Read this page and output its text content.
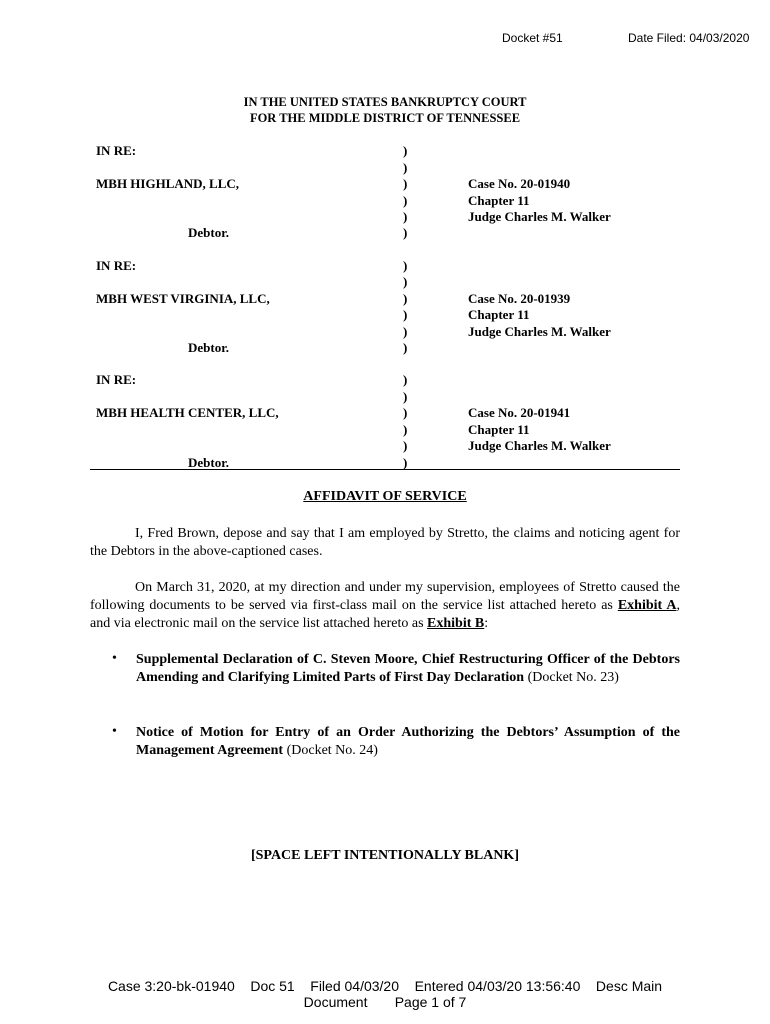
Docket #51	Date Filed: 04/03/2020
IN THE UNITED STATES BANKRUPTCY COURT
FOR THE MIDDLE DISTRICT OF TENNESSEE
IN RE:
MBH HIGHLAND, LLC,
Debtor.
Case No. 20-01940
Chapter 11
Judge Charles M. Walker
)
)
)
)
)
)
IN RE:
MBH WEST VIRGINIA, LLC,
Debtor.
Case No. 20-01939
Chapter 11
Judge Charles M. Walker
)
)
)
)
)
)
IN RE:
MBH HEALTH CENTER, LLC,
Debtor.
Case No. 20-01941
Chapter 11
Judge Charles M. Walker
)
)
)
)
)
)
AFFIDAVIT OF SERVICE
I, Fred Brown, depose and say that I am employed by Stretto, the claims and noticing agent for the Debtors in the above-captioned cases.
On March 31, 2020, at my direction and under my supervision, employees of Stretto caused the following documents to be served via first-class mail on the service list attached hereto as Exhibit A, and via electronic mail on the service list attached hereto as Exhibit B:
• Supplemental Declaration of C. Steven Moore, Chief Restructuring Officer of the Debtors Amending and Clarifying Limited Parts of First Day Declaration (Docket No. 23)
• Notice of Motion for Entry of an Order Authorizing the Debtors’ Assumption of the Management Agreement (Docket No. 24)
[SPACE LEFT INTENTIONALLY BLANK]
Case 3:20-bk-01940    Doc 51    Filed 04/03/20    Entered 04/03/20 13:56:40    Desc Main
Document       Page 1 of 7
